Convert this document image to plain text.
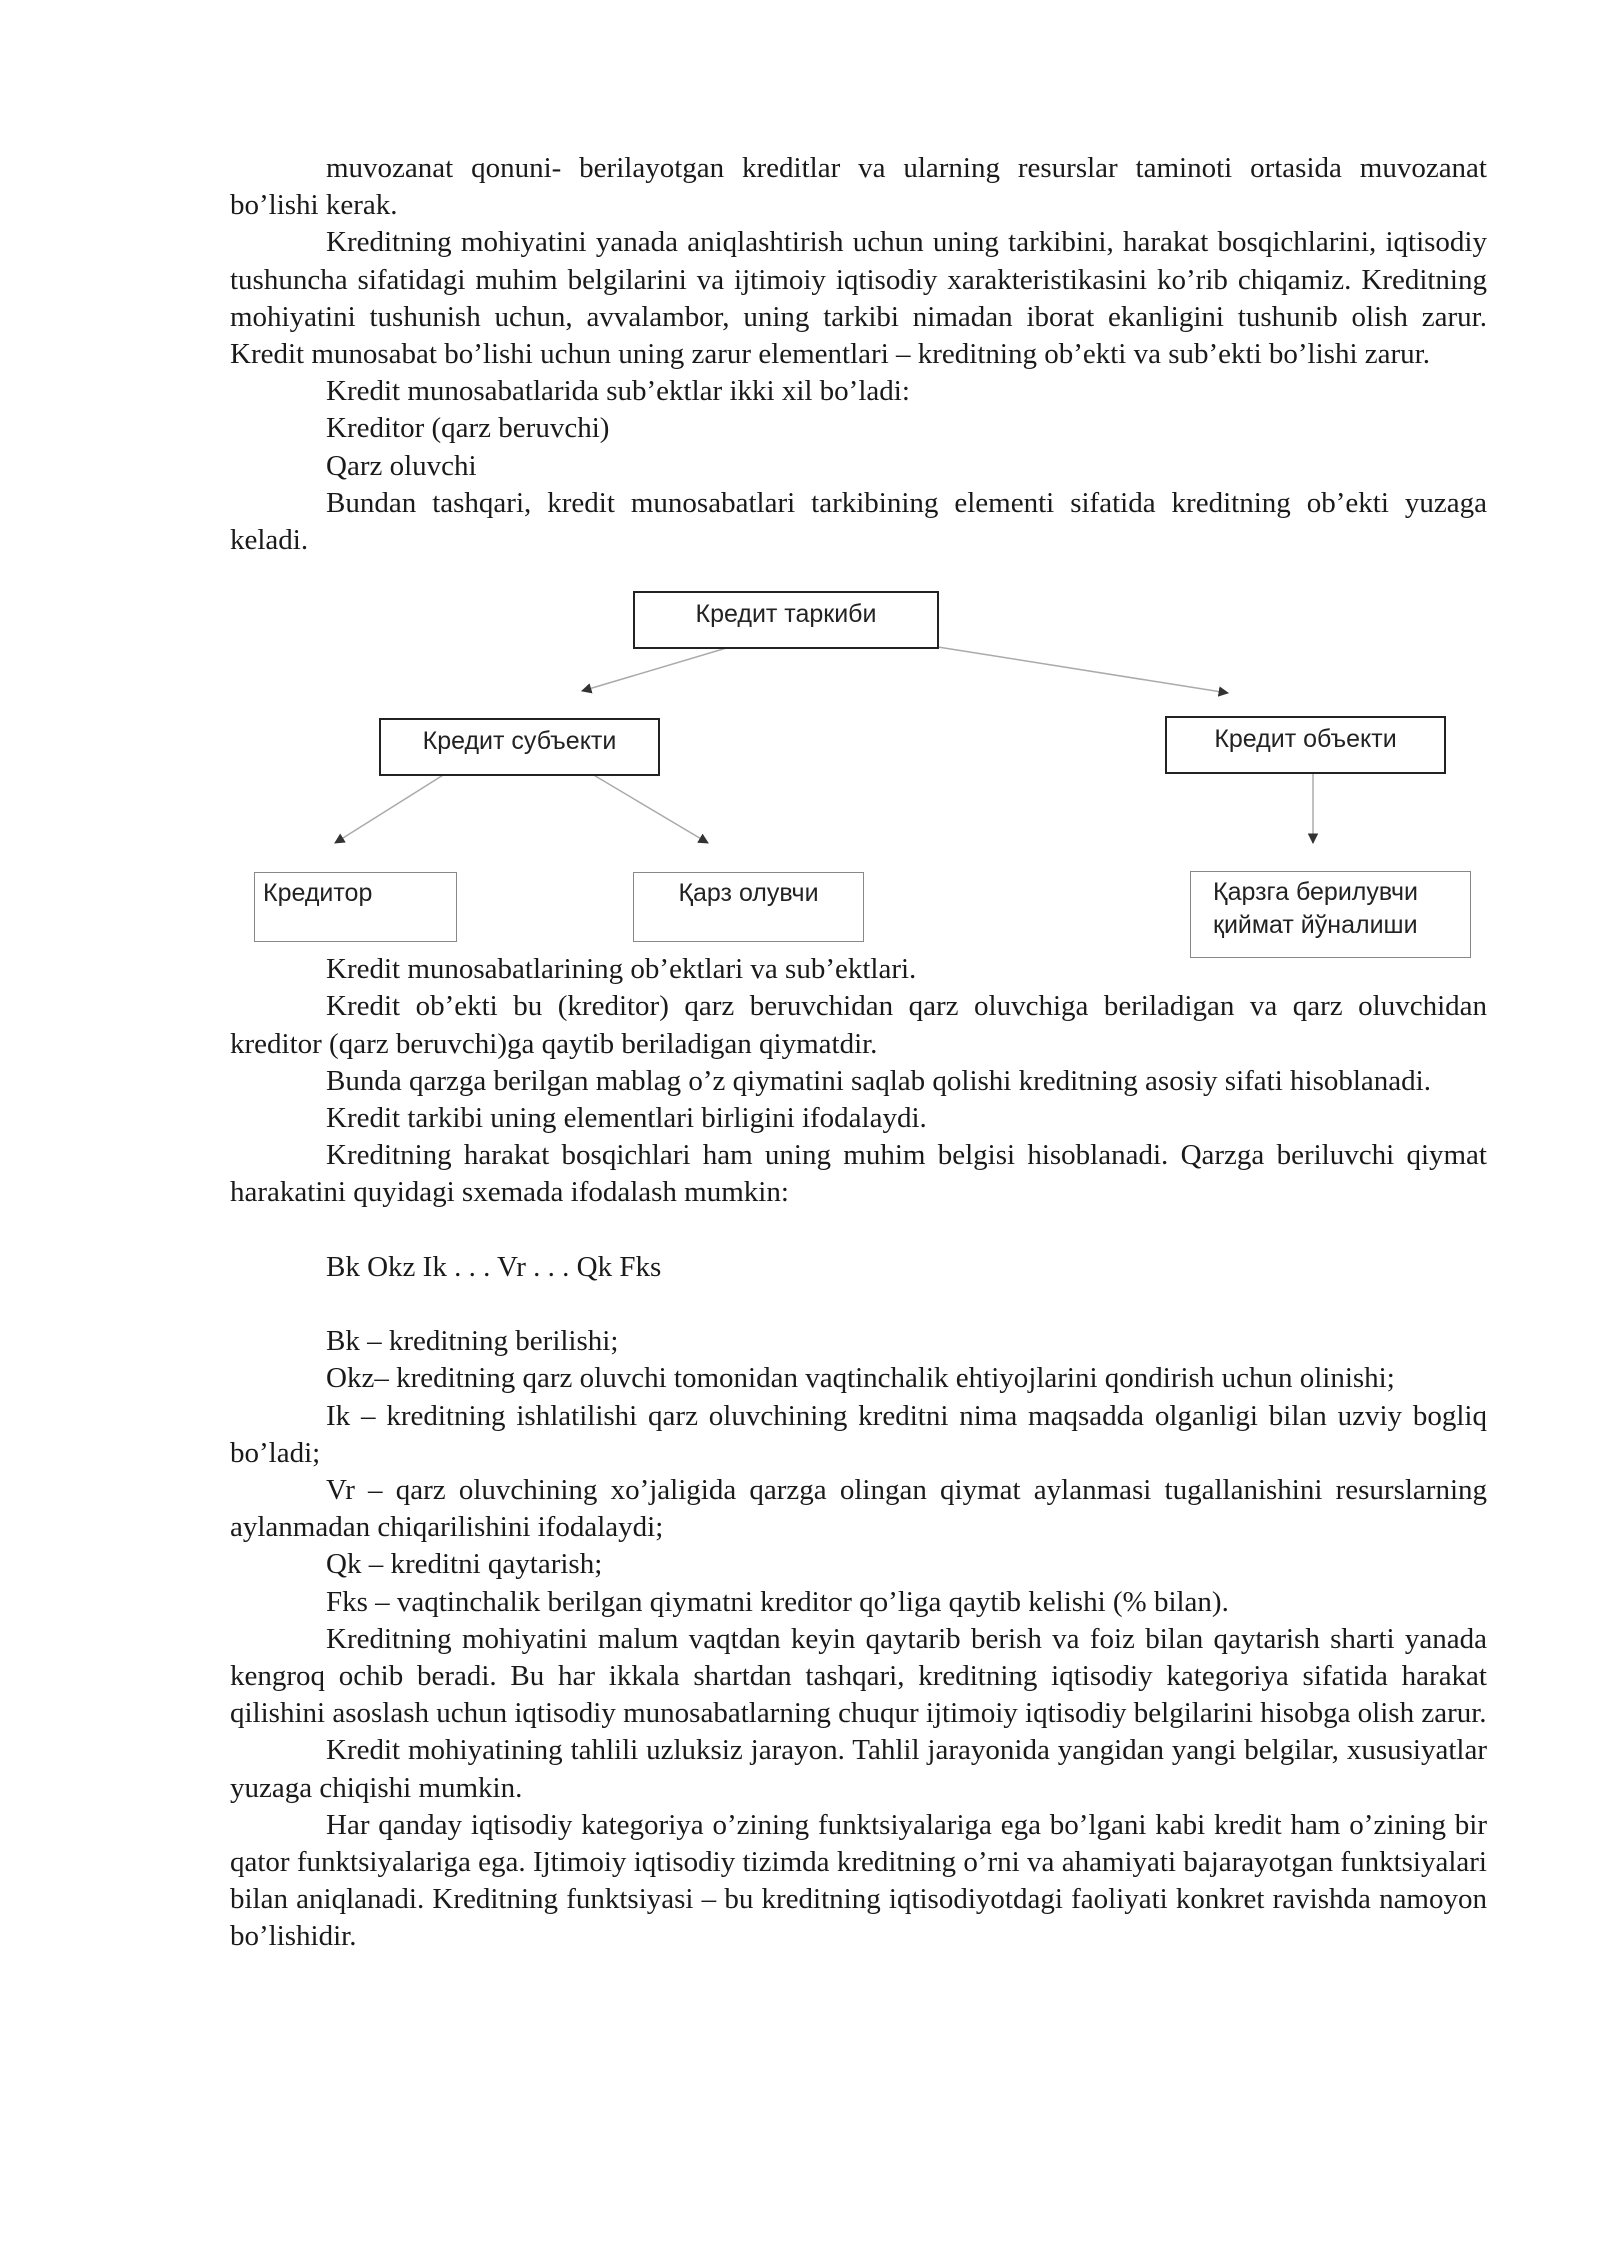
muvozanat qonuni- berilayotgan kreditlar va ularning resurslar taminoti ortasida muvozanat bo’lishi kerak.

Kreditning mohiyatini yanada aniqlashtirish uchun uning tarkibini, harakat bosqichlarini, iqtisodiy tushuncha sifatidagi muhim belgilarini va ijtimoiy iqtisodiy xarakteristikasini ko’rib chiqamiz. Kreditning mohiyatini tushunish uchun, avvalambor, uning tarkibi nimadan iborat ekanligini tushunib olish zarur. Kredit munosabat bo’lishi uchun uning zarur elementlari – kreditning ob’ekti va sub’ekti bo’lishi zarur.

Kredit munosabatlarida sub’ektlar ikki xil bo’ladi:

Kreditor (qarz beruvchi)

Qarz oluvchi

Bundan tashqari, kredit munosabatlari tarkibining elementi sifatida kreditning ob’ekti yuzaga keladi.

Кредит таркиби
Кредит субъекти	Кредит объекти
Кредитор	Қарз олувчи	Қарзга берилувчи
қиймат йўналиши

Kredit munosabatlarining ob’ektlari va sub’ektlari.

Kredit ob’ekti bu (kreditor) qarz beruvchidan qarz oluvchiga beriladigan va qarz oluvchidan kreditor (qarz beruvchi)ga qaytib beriladigan qiymatdir.

Bunda qarzga berilgan mablag o’z qiymatini saqlab qolishi kreditning asosiy sifati hisoblanadi.

Kredit tarkibi uning elementlari birligini ifodalaydi.

Kreditning harakat bosqichlari ham uning muhim belgisi hisoblanadi. Qarzga beriluvchi qiymat harakatini quyidagi sxemada ifodalash mumkin:

Bk Okz Ik . . . Vr . . . Qk Fks

Bk – kreditning berilishi;

Okz– kreditning qarz oluvchi tomonidan vaqtinchalik ehtiyojlarini qondirish uchun olinishi;

Ik – kreditning ishlatilishi qarz oluvchining kreditni nima maqsadda olganligi bilan uzviy bogliq bo’ladi;

Vr – qarz oluvchining xo’jaligida qarzga olingan qiymat aylanmasi tugallanishini resurslarning aylanmadan chiqarilishini ifodalaydi;

Qk – kreditni qaytarish;

Fks – vaqtinchalik berilgan qiymatni kreditor qo’liga qaytib kelishi (% bilan).

Kreditning mohiyatini malum vaqtdan keyin qaytarib berish va foiz bilan qaytarish sharti yanada kengroq ochib beradi. Bu har ikkala shartdan tashqari, kreditning iqtisodiy kategoriya sifatida harakat qilishini asoslash uchun iqtisodiy munosabatlarning chuqur ijtimoiy iqtisodiy belgilarini hisobga olish zarur.

Kredit mohiyatining tahlili uzluksiz jarayon. Tahlil jarayonida yangidan yangi belgilar, xususiyatlar yuzaga chiqishi mumkin.

Har qanday iqtisodiy kategoriya o’zining funktsiyalariga ega bo’lgani kabi kredit ham o’zining bir qator funktsiyalariga ega. Ijtimoiy iqtisodiy tizimda kreditning o’rni va ahamiyati bajarayotgan funktsiyalari bilan aniqlanadi. Kreditning funktsiyasi – bu kreditning iqtisodiyotdagi faoliyati konkret ravishda namoyon bo’lishidir.
